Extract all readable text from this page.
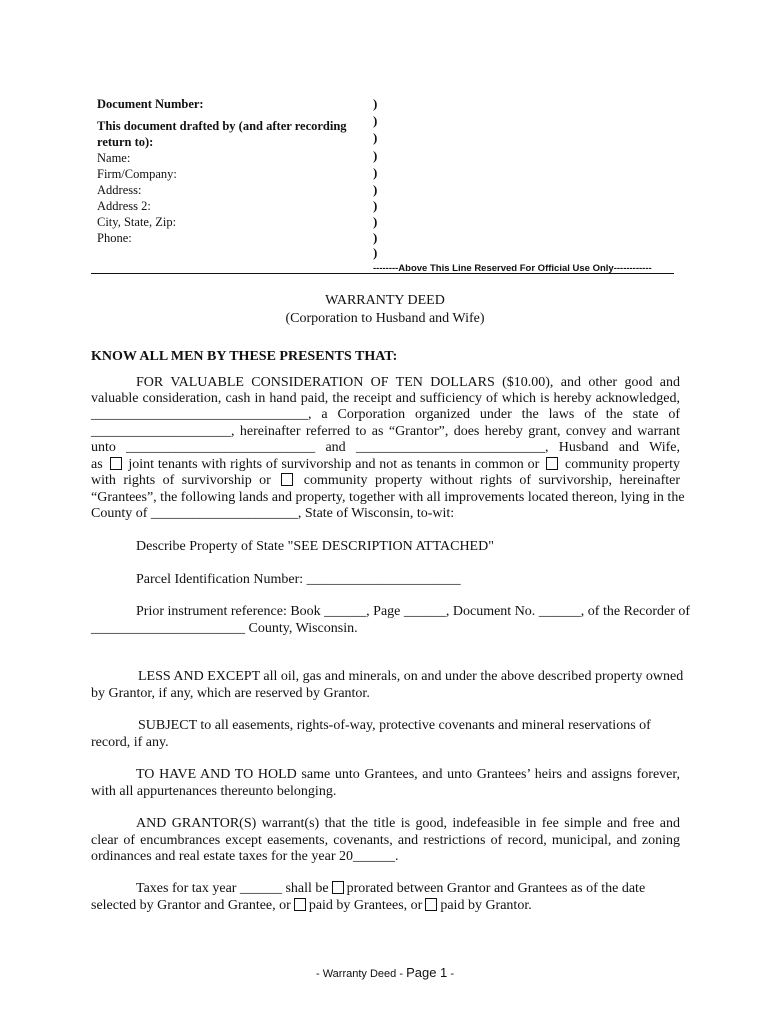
Document Number:
This document drafted by (and after recording
return to):
Name:
Firm/Company:
Address:
Address 2:
City, State, Zip:
Phone:
)
)
)
)
)
)
)
)
)
)
--------Above This Line Reserved For Official Use Only------------
WARRANTY DEED
(Corporation to Husband and Wife)
KNOW ALL MEN BY THESE PRESENTS THAT:
FOR VALUABLE CONSIDERATION OF TEN DOLLARS ($10.00), and other good and
valuable consideration, cash in hand paid, the receipt and sufficiency of which is hereby acknowledged,
_______________________________, a Corporation organized under the laws of the state of
____________________, hereinafter referred to as “Grantor”, does hereby grant, convey and warrant
unto ___________________________ and ___________________________, Husband and Wife,
as joint tenants with rights of survivorship and not as tenants in common or community property
with rights of survivorship or community property without rights of survivorship, hereinafter
“Grantees”, the following lands and property, together with all improvements located thereon, lying in the
County of _____________________, State of Wisconsin, to-wit:
Describe Property of State "SEE DESCRIPTION ATTACHED"
Parcel Identification Number: ______________________
Prior instrument reference: Book ______, Page ______, Document No. ______, of the Recorder of
______________________ County, Wisconsin.
LESS AND EXCEPT all oil, gas and minerals, on and under the above described property owned
by Grantor, if any, which are reserved by Grantor.
SUBJECT to all easements, rights-of-way, protective covenants and mineral reservations of
record, if any.
TO HAVE AND TO HOLD same unto Grantees, and unto Grantees’ heirs and assigns forever,
with all appurtenances thereunto belonging.
AND GRANTOR(S) warrant(s) that the title is good, indefeasible in fee simple and free and
clear of encumbrances except easements, covenants, and restrictions of record, municipal, and zoning
ordinances and real estate taxes for the year 20______.
Taxes for tax year ______ shall be prorated between Grantor and Grantees as of the date
selected by Grantor and Grantee, or paid by Grantees, or paid by Grantor.
- Warranty Deed - Page 1 -
